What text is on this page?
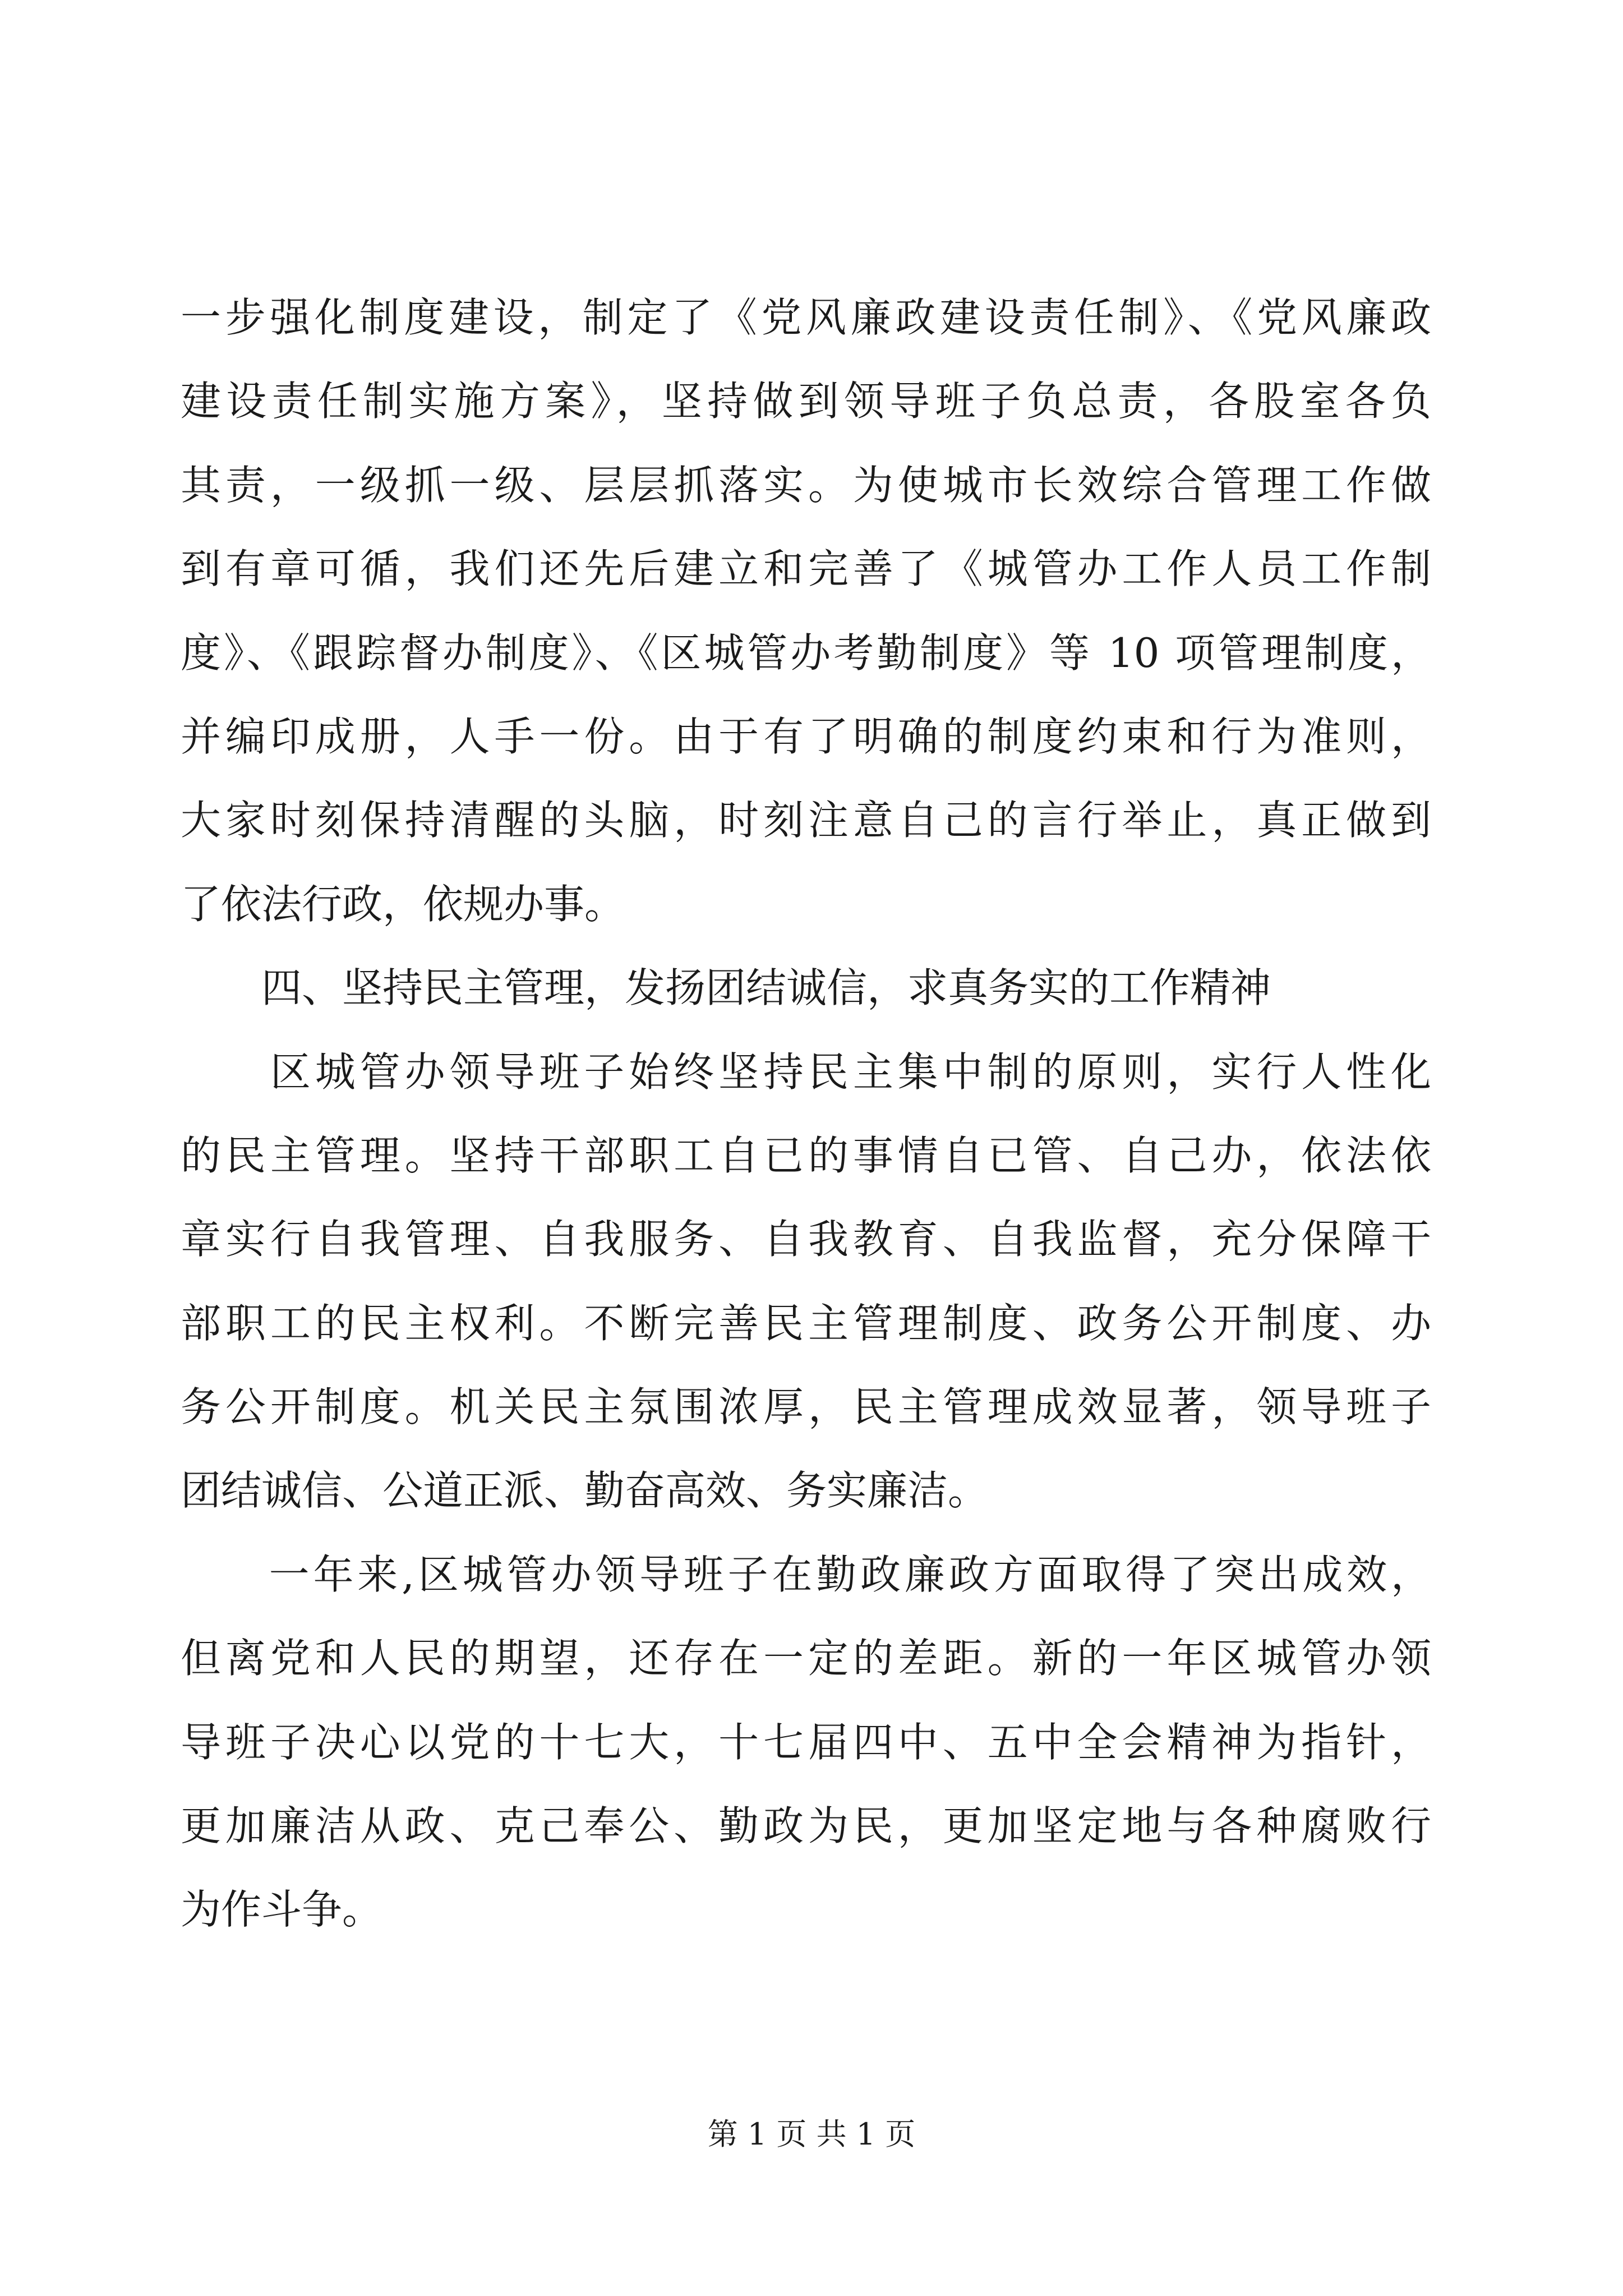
一步强化制度建设，制定了《党风廉政建设责任制》、《党风廉政
建设责任制实施方案》，坚持做到领导班子负总责，各股室各负
其责，一级抓一级、层层抓落实。为使城市长效综合管理工作做
到有章可循，我们还先后建立和完善了《城管办工作人员工作制
度》、《跟踪督办制度》、《区城管办考勤制度》等 10 项管理制度，
并编印成册，人手一份。由于有了明确的制度约束和行为准则，
大家时刻保持清醒的头脑，时刻注意自己的言行举止，真正做到
了依法行政，依规办事。
　　四、坚持民主管理，发扬团结诚信，求真务实的工作精神
　　区城管办领导班子始终坚持民主集中制的原则，实行人性化
的民主管理。坚持干部职工自已的事情自已管、自己办，依法依
章实行自我管理、自我服务、自我教育、自我监督，充分保障干
部职工的民主权利。不断完善民主管理制度、政务公开制度、办
务公开制度。机关民主氛围浓厚，民主管理成效显著，领导班子
团结诚信、公道正派、勤奋高效、务实廉洁。
　　一年来,区城管办领导班子在勤政廉政方面取得了突出成效，
但离党和人民的期望，还存在一定的差距。新的一年区城管办领
导班子决心以党的十七大，十七届四中、五中全会精神为指针，
更加廉洁从政、克己奉公、勤政为民，更加坚定地与各种腐败行
为作斗争。
第 1 页 共 1 页
